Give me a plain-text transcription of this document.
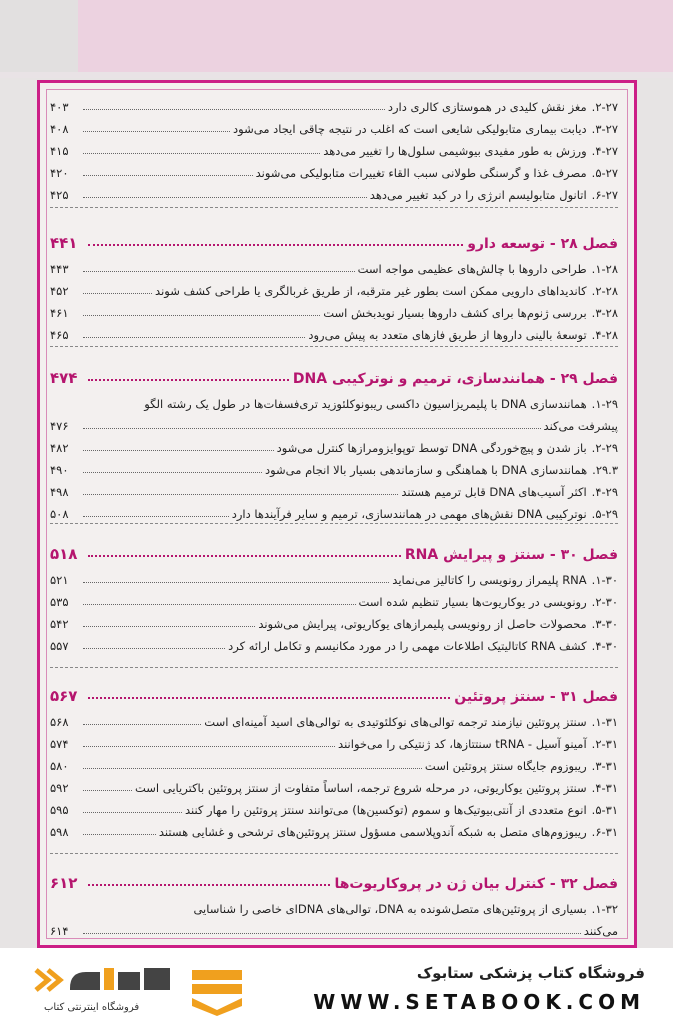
۲-۲۷.
مغز نقش کلیدی در هموستازی کالری دارد
۴۰۳
۳-۲۷.
دیابت بیماری متابولیکی شایعی است که اغلب در نتیجه چاقی ایجاد می‌شود
۴۰۸
۴-۲۷.
ورزش به طور مفیدی بیوشیمی سلول‌ها را تغییر می‌دهد
۴۱۵
۵-۲۷.
مصرف غذا و گرسنگی طولانی سبب القاء تغییرات متابولیکی می‌شوند
۴۲۰
۶-۲۷.
اتانول متابولیسم انرژی را در کبد تغییر می‌دهد
۴۲۵
فصل ۲۸ - توسعه دارو
۴۴۱
۱-۲۸.
طراحی داروها با چالش‌های عظیمی مواجه است
۴۴۳
۲-۲۸.
کاندیداهای دارویی ممکن است بطور غیر مترقبه، از طریق غربالگری یا طراحی کشف شوند
۴۵۲
۳-۲۸.
بررسی ژنوم‌ها برای کشف داروها بسیار نویدبخش است
۴۶۱
۴-۲۸.
توسعهٔ بالینی داروها از طریق فازهای متعدد به پیش می‌رود
۴۶۵
فصل ۲۹ - همانندسازی، ترمیم و نوترکیبی DNA
۴۷۴
۱-۲۹.
همانندسازی DNA با پلیمریزاسیون داکسی ریبونوکلئوزید تری‌فسفات‌ها در طول یک رشته الگو
پیشرفت می‌کند
۴۷۶
۲-۲۹.
باز شدن و پیچ‌خوردگی DNA توسط توپوایزومرازها کنترل می‌شود
۴۸۲
۲۹.۳.
همانندسازی DNA با هماهنگی و سازماندهی بسیار بالا انجام می‌شود
۴۹۰
۴-۲۹.
اکثر آسیب‌های DNA قابل ترمیم هستند
۴۹۸
۵-۲۹.
نوترکیبی DNA نقش‌های مهمی در همانندسازی، ترمیم و سایر فرآیندها دارد
۵۰۸
فصل ۳۰ - سنتز و پیرایش RNA
۵۱۸
۱-۳۰.
RNA پلیمراز رونویسی را کاتالیز می‌نماید
۵۲۱
۲-۳۰.
رونویسی در یوکاریوت‌ها بسیار تنظیم شده است
۵۳۵
۳-۳۰.
محصولات حاصل از رونویسی پلیمرازهای یوکاریوتی، پیرایش می‌شوند
۵۴۲
۴-۳۰.
کشف RNA کاتالیتیک اطلاعات مهمی را در مورد مکانیسم و تکامل ارائه کرد
۵۵۷
فصل ۳۱ - سنتز پروتئین
۵۶۷
۱-۳۱.
سنتز پروتئین نیازمند ترجمه توالی‌های نوکلئوتیدی به توالی‌های اسید آمینه‌ای است
۵۶۸
۲-۳۱.
آمینو آسیل - tRNA سنتتازها، کد ژنتیکی را می‌خوانند
۵۷۴
۳-۳۱.
ریبوزوم جایگاه سنتز پروتئین است
۵۸۰
۴-۳۱.
سنتز پروتئین یوکاریوتی، در مرحله شروع ترجمه، اساساً متفاوت از سنتز پروتئین باکتریایی است
۵۹۲
۵-۳۱.
انوع متعددی از آنتی‌بیوتیک‌ها و سموم (توکسین‌ها) می‌توانند سنتز پروتئین را مهار کنند
۵۹۵
۶-۳۱.
ریبوزوم‌های متصل به شبکه آندوپلاسمی مسؤول سنتز پروتئین‌های ترشحی و غشایی هستند
۵۹۸
فصل ۳۲ - کنترل بیان ژن در پروکاریوت‌ها
۶۱۲
۱-۳۲.
بسیاری از پروتئین‌های متصل‌شونده به DNA، توالی‌های DNAای خاصی را شناسایی
می‌کنند
۶۱۴
فروشگاه کتاب پزشکی ستابوک
WWW.SETABOOK.COM
فروشگاه اینترنتی کتاب
